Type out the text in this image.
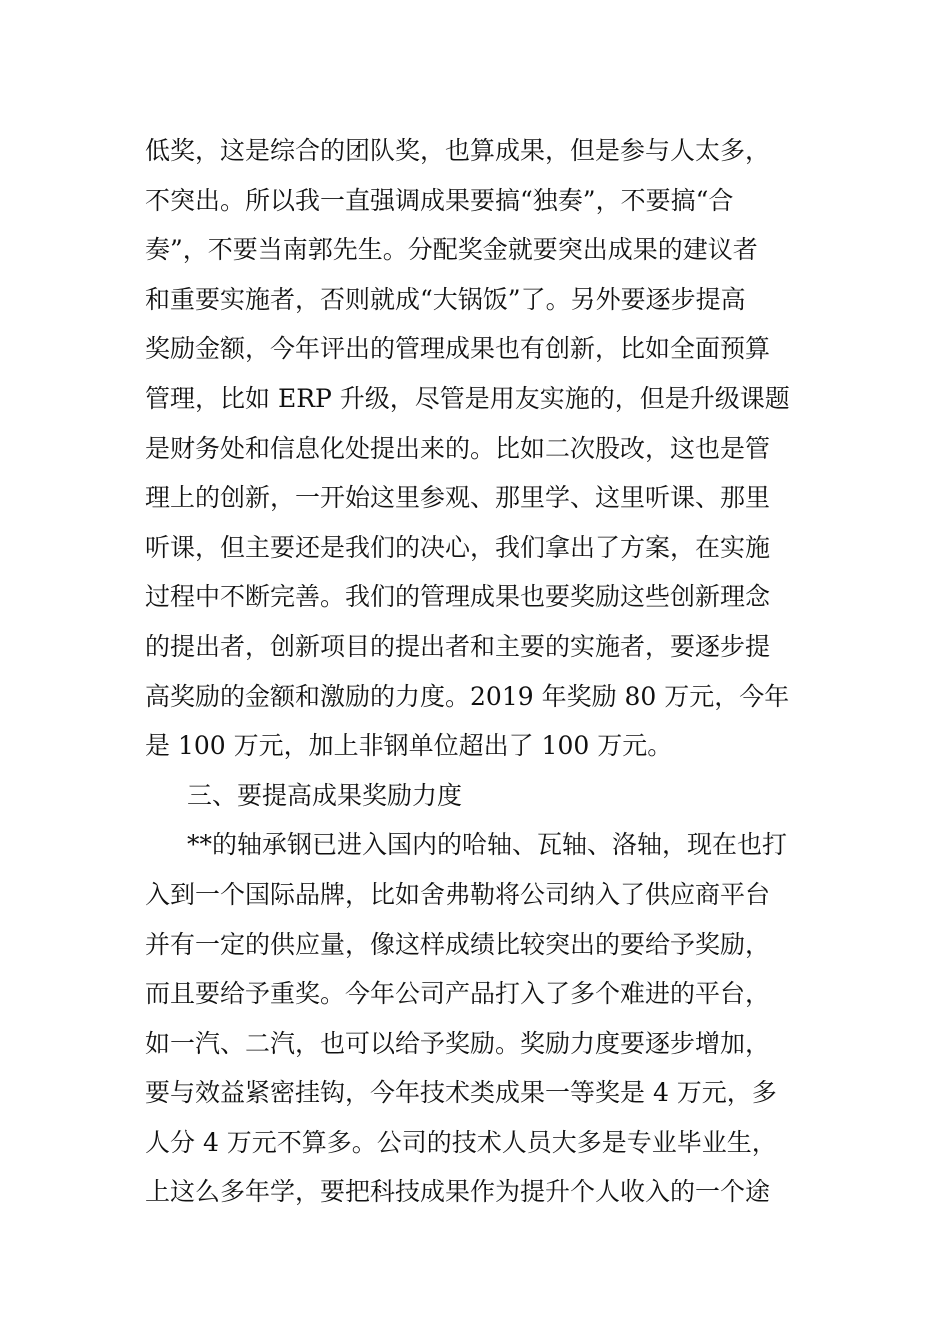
低奖，这是综合的团队奖，也算成果，但是参与人太多，
不突出。所以我一直强调成果要搞“独奏”，不要搞“合
奏”，不要当南郭先生。分配奖金就要突出成果的建议者
和重要实施者，否则就成“大锅饭”了。另外要逐步提高
奖励金额，今年评出的管理成果也有创新，比如全面预算
管理，比如 ERP 升级，尽管是用友实施的，但是升级课题
是财务处和信息化处提出来的。比如二次股改，这也是管
理上的创新，一开始这里参观、那里学、这里听课、那里
听课，但主要还是我们的决心，我们拿出了方案，在实施
过程中不断完善。我们的管理成果也要奖励这些创新理念
的提出者，创新项目的提出者和主要的实施者，要逐步提
高奖励的金额和激励的力度。2019 年奖励 80 万元，今年
是 100 万元，加上非钢单位超出了 100 万元。
三、要提高成果奖励力度
**的轴承钢已进入国内的哈轴、瓦轴、洛轴，现在也打
入到一个国际品牌，比如舍弗勒将公司纳入了供应商平台
并有一定的供应量，像这样成绩比较突出的要给予奖励，
而且要给予重奖。今年公司产品打入了多个难进的平台，
如一汽、二汽，也可以给予奖励。奖励力度要逐步增加，
要与效益紧密挂钩，今年技术类成果一等奖是 4 万元，多
人分 4 万元不算多。公司的技术人员大多是专业毕业生，
上这么多年学，要把科技成果作为提升个人收入的一个途
